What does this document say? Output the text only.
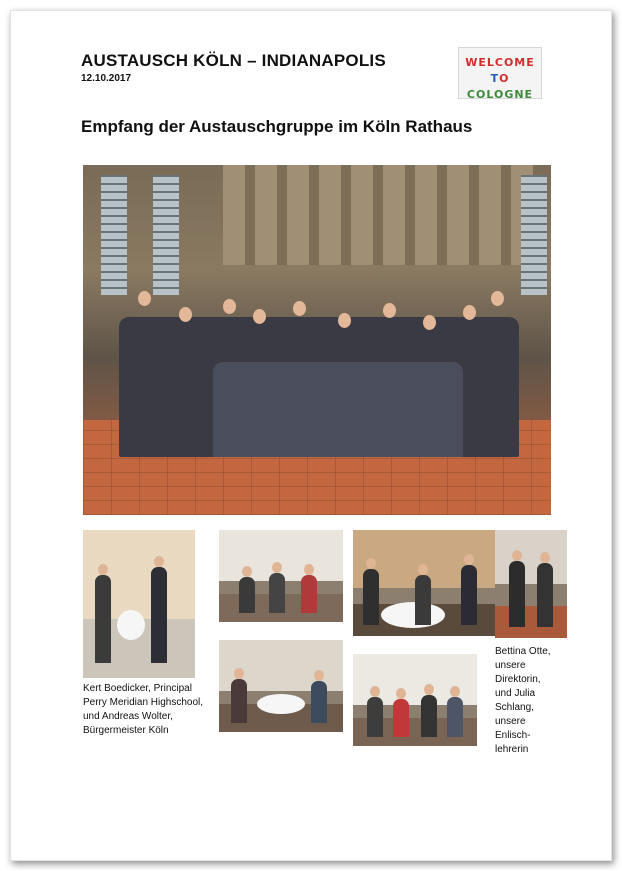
AUSTAUSCH KÖLN – INDIANAPOLIS
12.10.2017
WELCOME
TO
COLOGNE
Empfang der Austauschgruppe im Köln Rathaus
Kert Boedicker, Principal Perry Meridian Highschool, und Andreas Wolter, Bürgermeister Köln
Bettina Otte, unsere Direktorin, und Julia Schlang, unsere Enlisch-lehrerin
